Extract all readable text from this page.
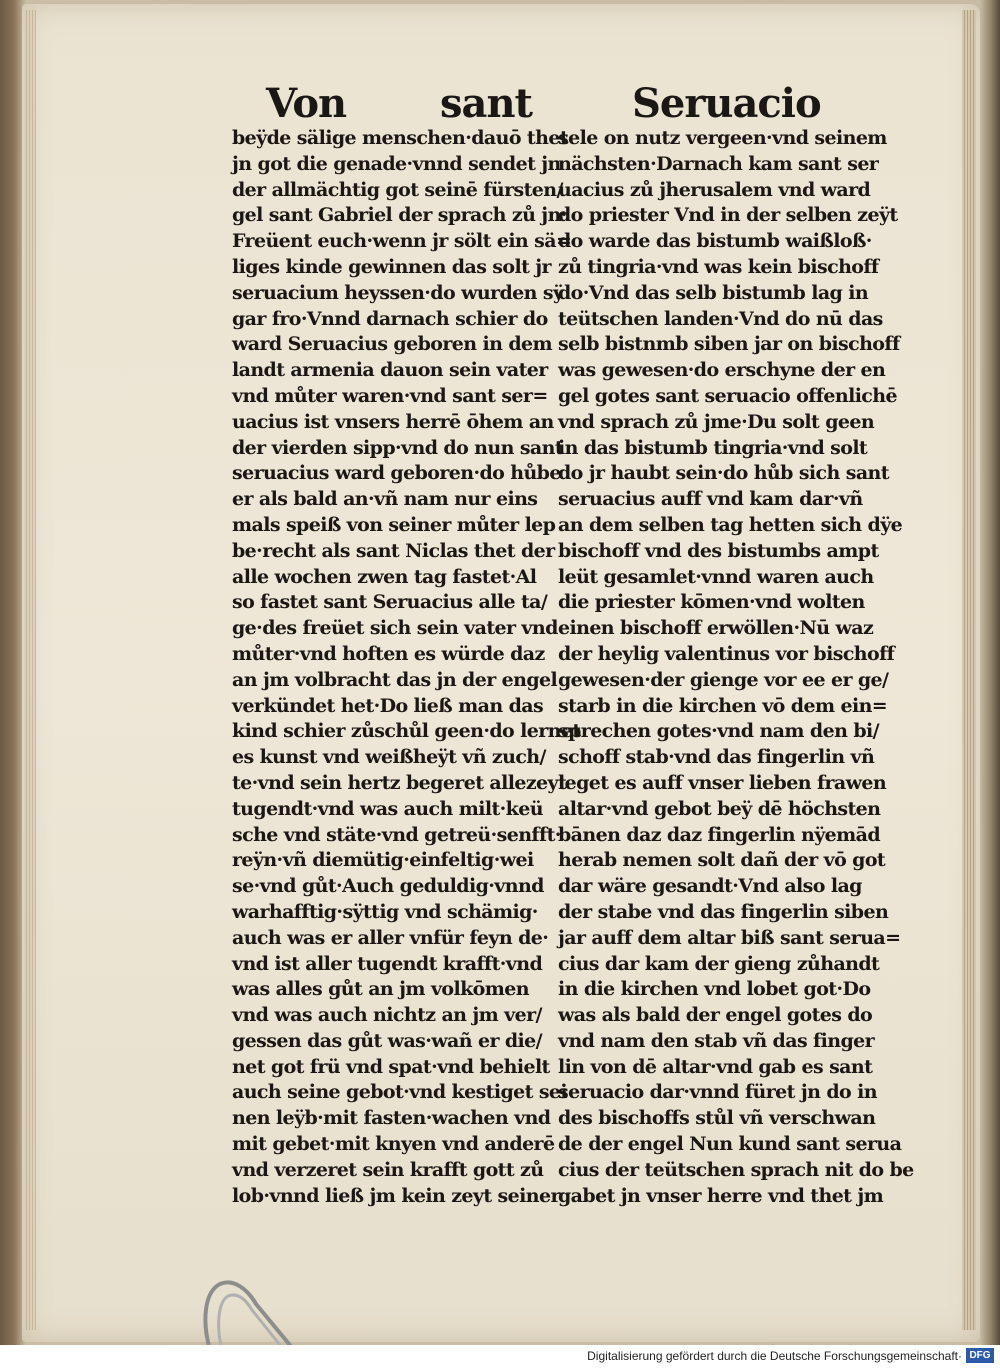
Von sant	Seruacio
beÿde sälige menschen·dauō thet
jn got die genade·vnnd sendet jn
der allmächtig got seinē fürsten/
gel sant Gabriel der sprach zů jn·
Freüent euch·wenn jr sölt ein sä=
liges kinde gewinnen das solt jr
seruacium heyssen·do wurden sÿ
gar fro·Vnnd darnach schier do
ward Seruacius geboren in dem
landt armenia dauon sein vater
vnd můter waren·vnd sant ser=
uacius ist vnsers herrē ōhem an
der vierden sipp·vnd do nun sant
seruacius ward geboren·do hůbe
er als bald an·vñ nam nur eins
mals speiß von seiner můter lep
be·recht als sant Niclas thet der
alle wochen zwen tag fastet·Al
so fastet sant Seruacius alle ta/
ge·des freüet sich sein vater vnd
můter·vnd hoften es würde daz
an jm volbracht das jn der engel
verkündet het·Do ließ man das
kind schier zůschůl geen·do lernet
es kunst vnd weißheÿt vñ zuch/
te·vnd sein hertz begeret allezeyt
tugendt·vnd was auch milt·keü
sche vnd stäte·vnd getreü·senfft·
reÿn·vñ diemütig·einfeltig·wei
se·vnd gůt·Auch geduldig·vnnd
warhafftig·sÿttig vnd schämig·
auch was er aller vnfür feyn de·
vnd ist aller tugendt krafft·vnd
was alles gůt an jm volkōmen
vnd was auch nichtz an jm ver/
gessen das gůt was·wañ er die/
net got frü vnd spat·vnd behielt
auch seine gebot·vnd kestiget sei
nen leÿb·mit fasten·wachen vnd
mit gebet·mit knyen vnd anderē
vnd verzeret sein krafft gott zů
lob·vnnd ließ jm kein zeyt seiner
sele on nutz vergeen·vnd seinem
nächsten·Darnach kam sant ser
uacius zů jherusalem vnd ward
do priester Vnd in der selben zeÿt
do warde das bistumb waißloß·
zů tingria·vnd was kein bischoff
do·Vnd das selb bistumb lag in
teütschen landen·Vnd do nū das
selb bistnmb siben jar on bischoff
was gewesen·do erschyne der en
gel gotes sant seruacio offenlichē
vnd sprach zů jme·Du solt geen
in das bistumb tingria·vnd solt
do jr haubt sein·do hůb sich sant
seruacius auff vnd kam dar·vñ
an dem selben tag hetten sich dÿe
bischoff vnd des bistumbs ampt
leüt gesamlet·vnnd waren auch
die priester kōmen·vnd wolten
einen bischoff erwöllen·Nū waz
der heylig valentinus vor bischoff
gewesen·der gienge vor ee er ge/
starb in die kirchen vō dem ein=
sprechen gotes·vnd nam den bi/
schoff stab·vnd das fingerlin vñ
leget es auff vnser lieben frawen
altar·vnd gebot beÿ dē höchsten
bānen daz daz fingerlin nÿemād
herab nemen solt dañ der vō got
dar wäre gesandt·Vnd also lag
der stabe vnd das fingerlin siben
jar auff dem altar biß sant serua=
cius dar kam der gieng zůhandt
in die kirchen vnd lobet got·Do
was als bald der engel gotes do
vnd nam den stab vñ das finger
lin von dē altar·vnd gab es sant
seruacio dar·vnnd füret jn do in
des bischoffs stůl vñ verschwan
de der engel Nun kund sant serua
cius der teütschen sprach nit do be
gabet jn vnser herre vnd thet jm
Digitalisierung gefördert durch die Deutsche Forschungsgemeinschaft· DFG
